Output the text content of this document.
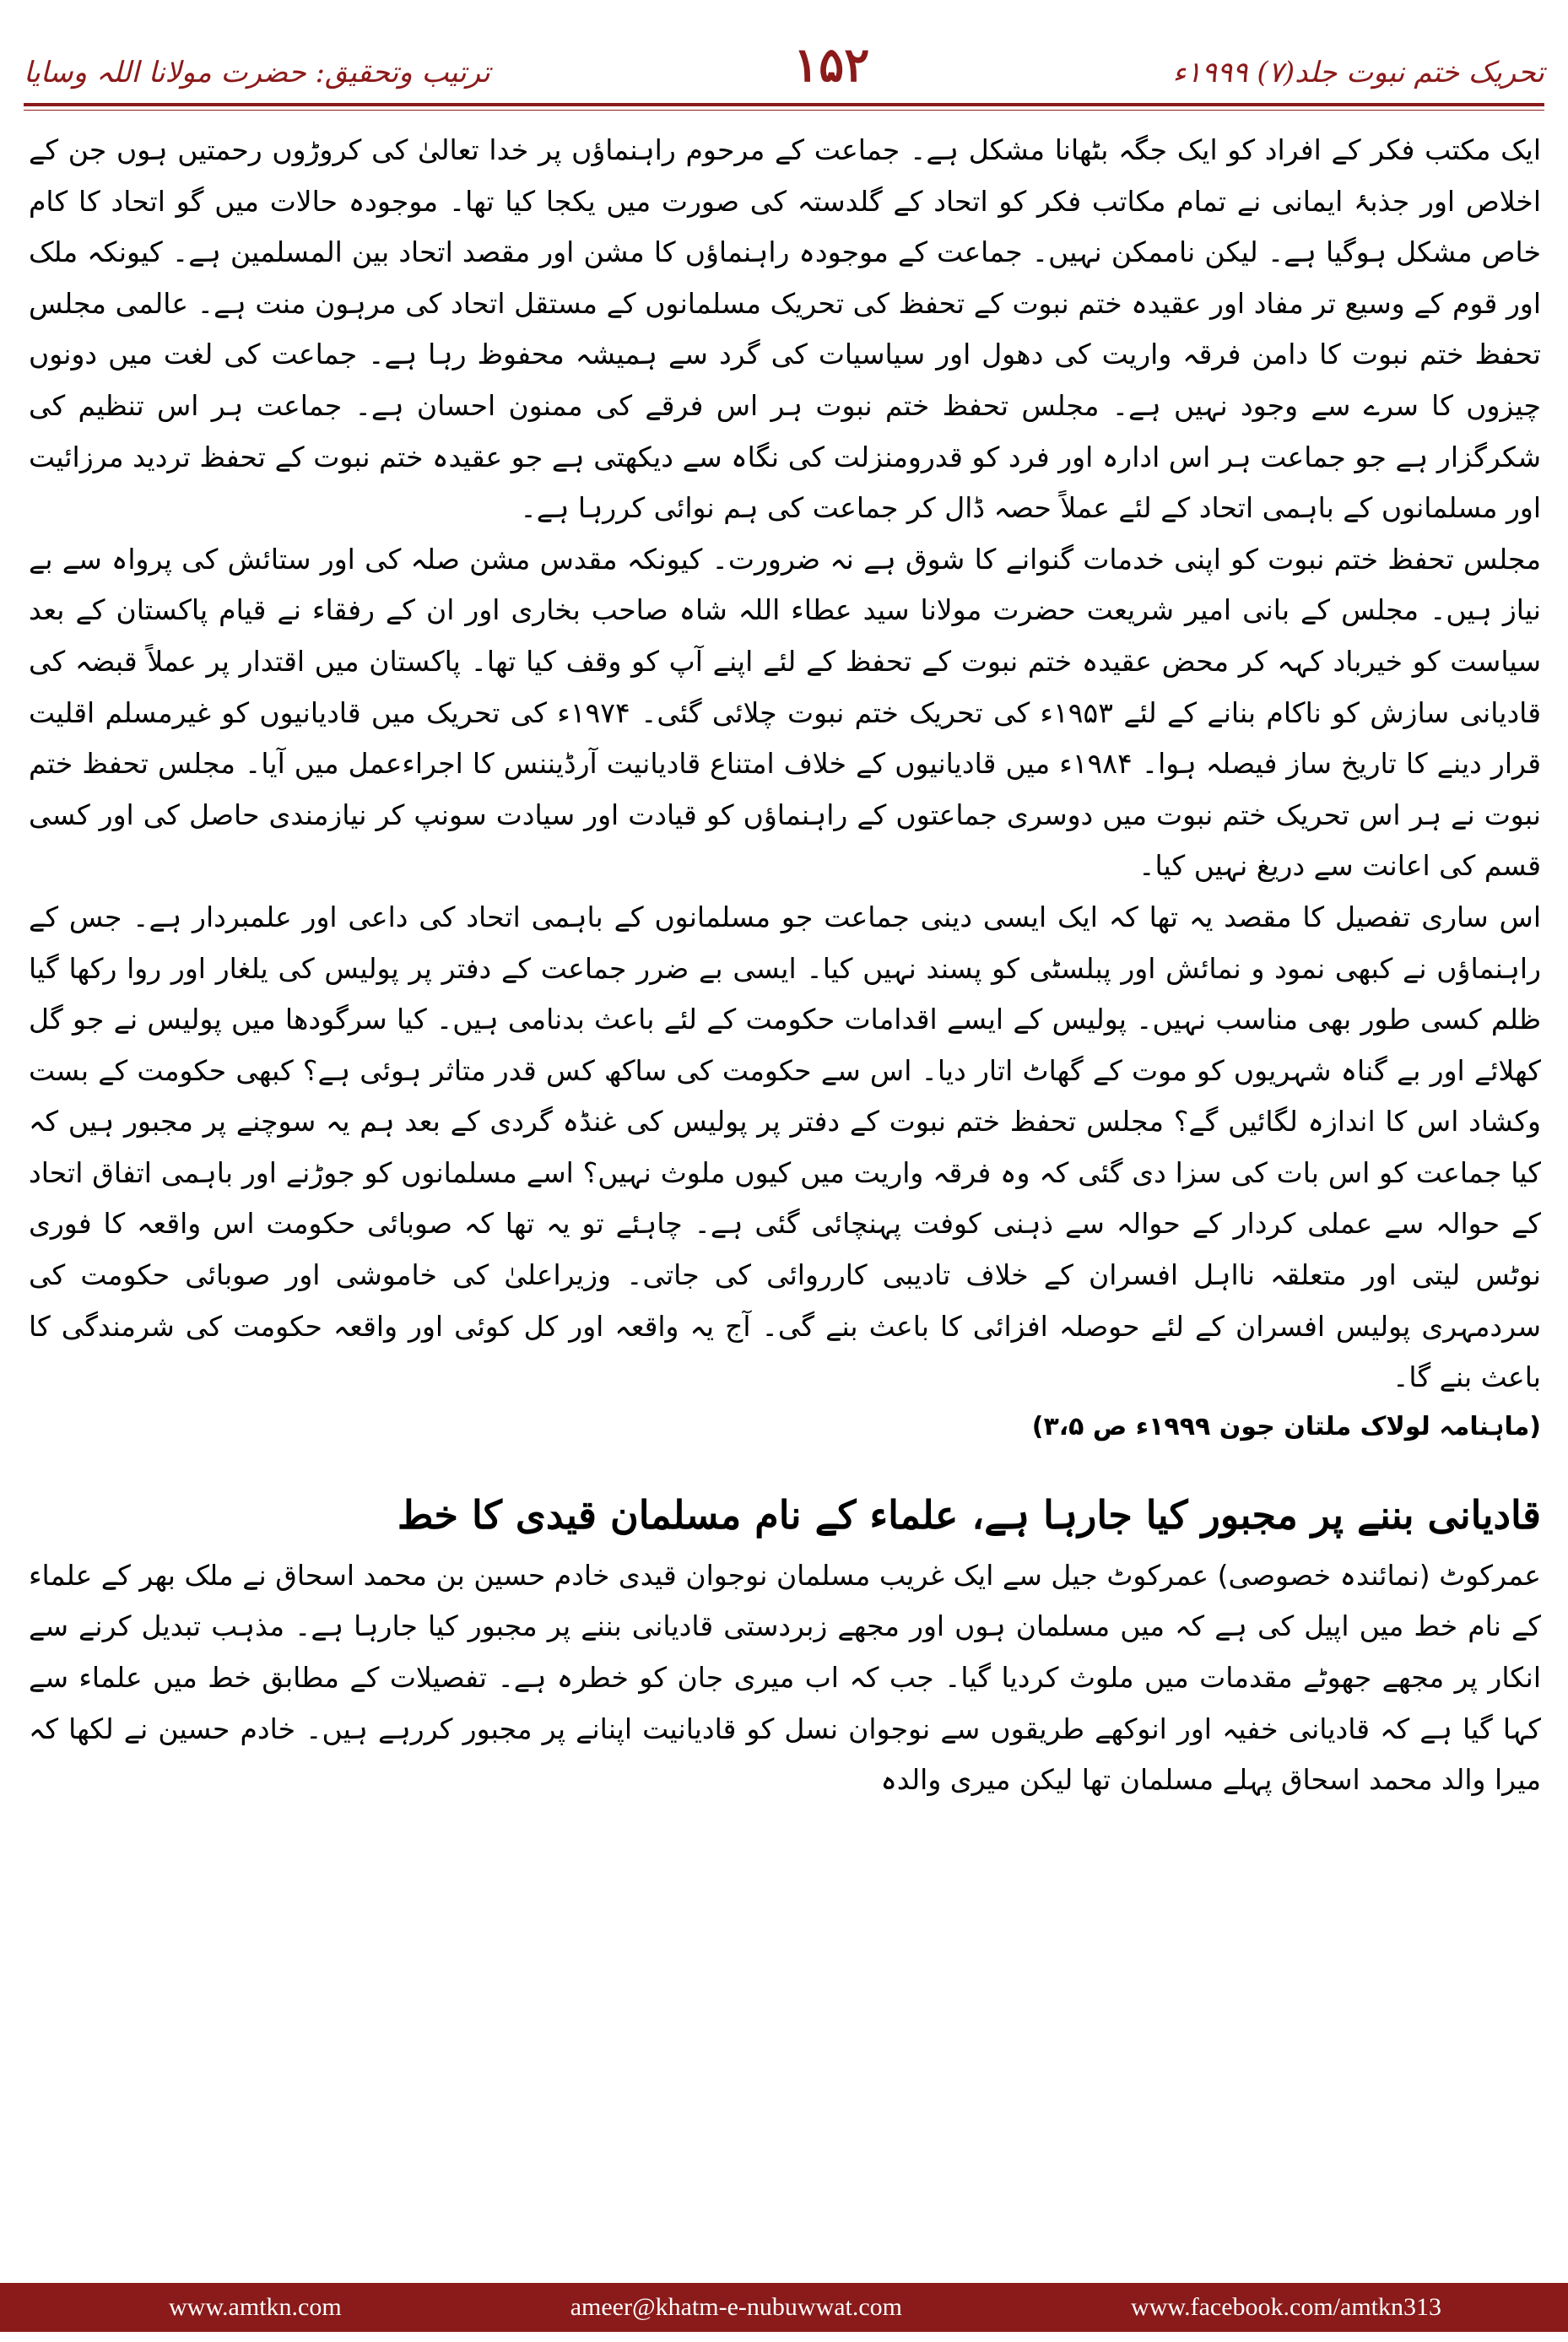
ترتیب وتحقیق: حضرت مولانا اللہ وسایا	۱۵۲	تحریک ختم نبوت جلد(۷) ۱۹۹۹ء

ایک مکتب فکر کے افراد کو ایک جگہ بٹھانا مشکل ہے۔ جماعت کے مرحوم راہنماؤں پر خدا تعالیٰ کی کروڑوں رحمتیں ہوں جن کے اخلاص اور جذبۂ ایمانی نے تمام مکاتب فکر کو اتحاد کے گلدستہ کی صورت میں یکجا کیا تھا۔ موجودہ حالات میں گو اتحاد کا کام خاص مشکل ہوگیا ہے۔ لیکن ناممکن نہیں۔ جماعت کے موجودہ راہنماؤں کا مشن اور مقصد اتحاد بین المسلمین ہے۔ کیونکہ ملک اور قوم کے وسیع تر مفاد اور عقیدہ ختم نبوت کے تحفظ کی تحریک مسلمانوں کے مستقل اتحاد کی مرہون منت ہے۔ عالمی مجلس تحفظ ختم نبوت کا دامن فرقہ واریت کی دھول اور سیاسیات کی گرد سے ہمیشہ محفوظ رہا ہے۔ جماعت کی لغت میں دونوں چیزوں کا سرے سے وجود نہیں ہے۔ مجلس تحفظ ختم نبوت ہر اس فرقے کی ممنون احسان ہے۔ جماعت ہر اس تنظیم کی شکرگزار ہے جو جماعت ہر اس ادارہ اور فرد کو قدرومنزلت کی نگاہ سے دیکھتی ہے جو عقیدہ ختم نبوت کے تحفظ تردید مرزائیت اور مسلمانوں کے باہمی اتحاد کے لئے عملاً حصہ ڈال کر جماعت کی ہم نوائی کررہا ہے۔

مجلس تحفظ ختم نبوت کو اپنی خدمات گنوانے کا شوق ہے نہ ضرورت۔ کیونکہ مقدس مشن صلہ کی اور ستائش کی پرواہ سے بے نیاز ہیں۔ مجلس کے بانی امیر شریعت حضرت مولانا سید عطاء اللہ شاہ صاحب بخاری اور ان کے رفقاء نے قیام پاکستان کے بعد سیاست کو خیرباد کہہ کر محض عقیدہ ختم نبوت کے تحفظ کے لئے اپنے آپ کو وقف کیا تھا۔ پاکستان میں اقتدار پر عملاً قبضہ کی قادیانی سازش کو ناکام بنانے کے لئے ۱۹۵۳ء کی تحریک ختم نبوت چلائی گئی۔ ۱۹۷۴ء کی تحریک میں قادیانیوں کو غیرمسلم اقلیت قرار دینے کا تاریخ ساز فیصلہ ہوا۔ ۱۹۸۴ء میں قادیانیوں کے خلاف امتناع قادیانیت آرڈیننس کا اجراءعمل میں آیا۔ مجلس تحفظ ختم نبوت نے ہر اس تحریک ختم نبوت میں دوسری جماعتوں کے راہنماؤں کو قیادت اور سیادت سونپ کر نیازمندی حاصل کی اور کسی قسم کی اعانت سے دریغ نہیں کیا۔

اس ساری تفصیل کا مقصد یہ تھا کہ ایک ایسی دینی جماعت جو مسلمانوں کے باہمی اتحاد کی داعی اور علمبردار ہے۔ جس کے راہنماؤں نے کبھی نمود و نمائش اور پبلسٹی کو پسند نہیں کیا۔ ایسی بے ضرر جماعت کے دفتر پر پولیس کی یلغار اور روا رکھا گیا ظلم کسی طور بھی مناسب نہیں۔ پولیس کے ایسے اقدامات حکومت کے لئے باعث بدنامی ہیں۔ کیا سرگودھا میں پولیس نے جو گل کھلائے اور بے گناہ شہریوں کو موت کے گھاٹ اتار دیا۔ اس سے حکومت کی ساکھ کس قدر متاثر ہوئی ہے؟ کبھی حکومت کے بست وکشاد اس کا اندازہ لگائیں گے؟ مجلس تحفظ ختم نبوت کے دفتر پر پولیس کی غنڈہ گردی کے بعد ہم یہ سوچنے پر مجبور ہیں کہ کیا جماعت کو اس بات کی سزا دی گئی کہ وہ فرقہ واریت میں کیوں ملوث نہیں؟ اسے مسلمانوں کو جوڑنے اور باہمی اتفاق اتحاد کے حوالہ سے عملی کردار کے حوالہ سے ذہنی کوفت پہنچائی گئی ہے۔ چاہئے تو یہ تھا کہ صوبائی حکومت اس واقعہ کا فوری نوٹس لیتی اور متعلقہ نااہل افسران کے خلاف تادیبی کارروائی کی جاتی۔ وزیراعلیٰ کی خاموشی اور صوبائی حکومت کی سردمہری پولیس افسران کے لئے حوصلہ افزائی کا باعث بنے گی۔ آج یہ واقعہ اور کل کوئی اور واقعہ حکومت کی شرمندگی کا باعث بنے گا۔

(ماہنامہ لولاک ملتان جون ۱۹۹۹ء ص ۳،۵)

قادیانی بننے پر مجبور کیا جارہا ہے، علماء کے نام مسلمان قیدی کا خط

عمرکوٹ (نمائندہ خصوصی) عمرکوٹ جیل سے ایک غریب مسلمان نوجوان قیدی خادم حسین بن محمد اسحاق نے ملک بھر کے علماء کے نام خط میں اپیل کی ہے کہ میں مسلمان ہوں اور مجھے زبردستی قادیانی بننے پر مجبور کیا جارہا ہے۔ مذہب تبدیل کرنے سے انکار پر مجھے جھوٹے مقدمات میں ملوث کردیا گیا۔ جب کہ اب میری جان کو خطرہ ہے۔ تفصیلات کے مطابق خط میں علماء سے کہا گیا ہے کہ قادیانی خفیہ اور انوکھے طریقوں سے نوجوان نسل کو قادیانیت اپنانے پر مجبور کررہے ہیں۔ خادم حسین نے لکھا کہ میرا والد محمد اسحاق پہلے مسلمان تھا لیکن میری والدہ

www.amtkn.com	ameer@khatm-e-nubuwwat.com	www.facebook.com/amtkn313
